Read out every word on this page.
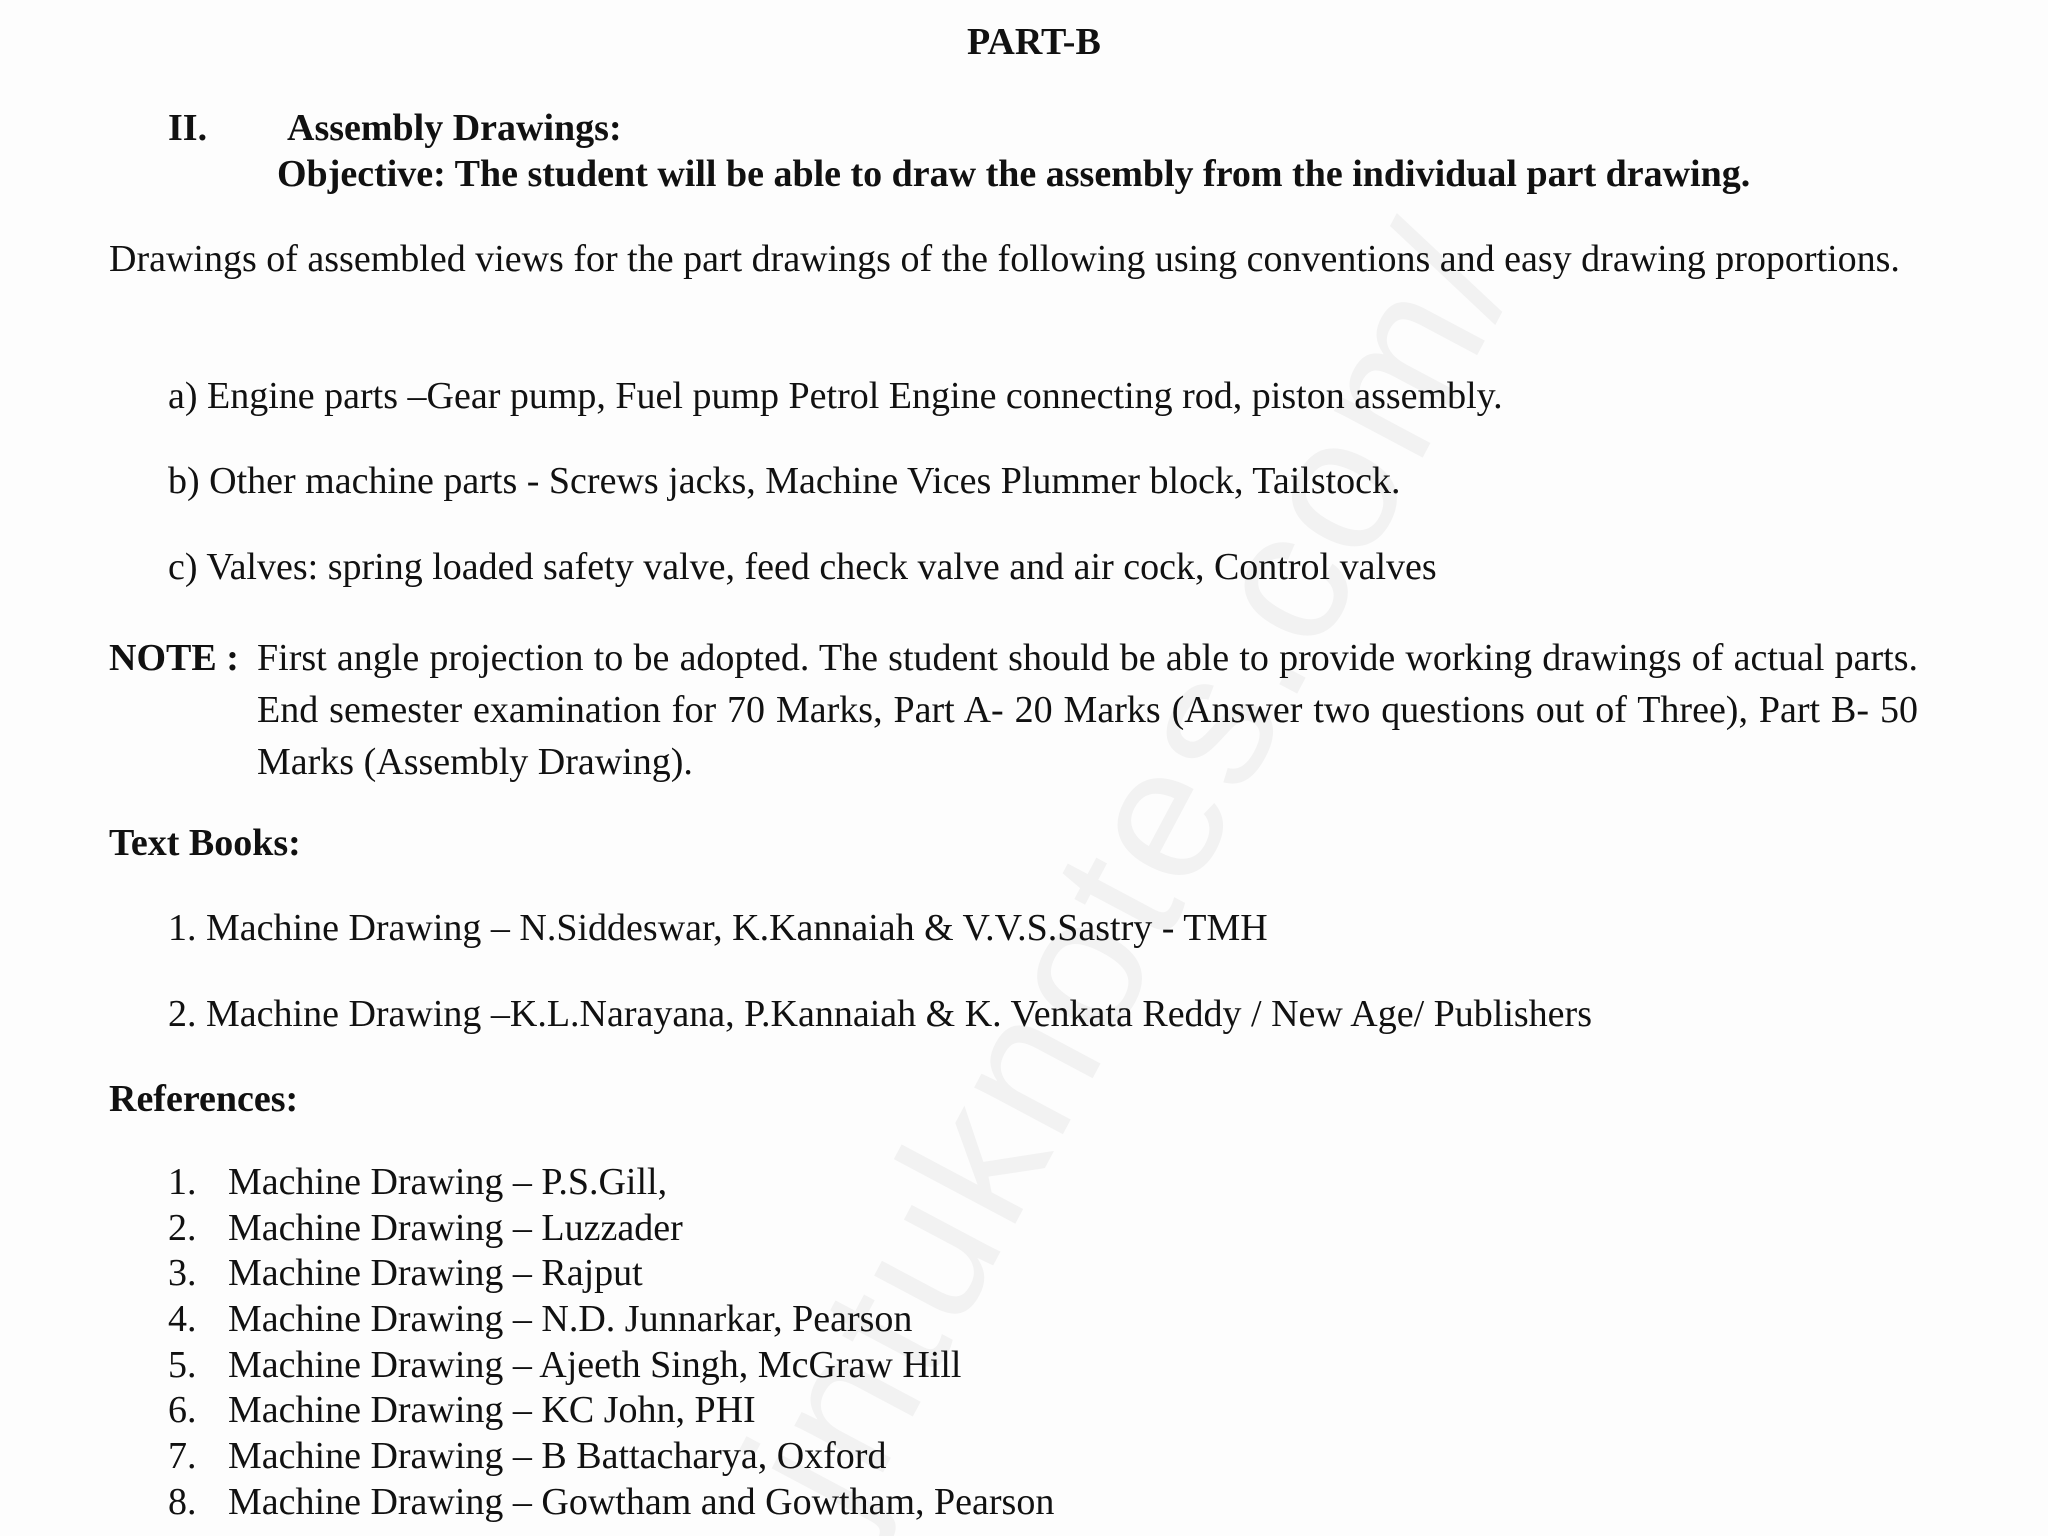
PART-B

II. Assembly Drawings:

Objective: The student will be able to draw the assembly from the individual part drawing.

Drawings of assembled views for the part drawings of the following using conventions and easy drawing proportions.

a) Engine parts –Gear pump, Fuel pump Petrol Engine connecting rod, piston assembly.

b) Other machine parts - Screws jacks, Machine Vices Plummer block, Tailstock.

c) Valves: spring loaded safety valve, feed check valve and air cock, Control valves

NOTE : First angle projection to be adopted. The student should be able to provide working drawings of actual parts. End semester examination for 70 Marks, Part A- 20 Marks (Answer two questions out of Three), Part B- 50 Marks (Assembly Drawing).

Text Books:

1. Machine Drawing – N.Siddeswar, K.Kannaiah & V.V.S.Sastry - TMH

2. Machine Drawing –K.L.Narayana, P.Kannaiah & K. Venkata Reddy / New Age/ Publishers

References:

1. Machine Drawing – P.S.Gill,
2. Machine Drawing – Luzzader
3. Machine Drawing – Rajput
4. Machine Drawing – N.D. Junnarkar, Pearson
5. Machine Drawing – Ajeeth Singh, McGraw Hill
6. Machine Drawing – KC John, PHI
7. Machine Drawing – B Battacharya, Oxford
8. Machine Drawing – Gowtham and Gowtham, Pearson
